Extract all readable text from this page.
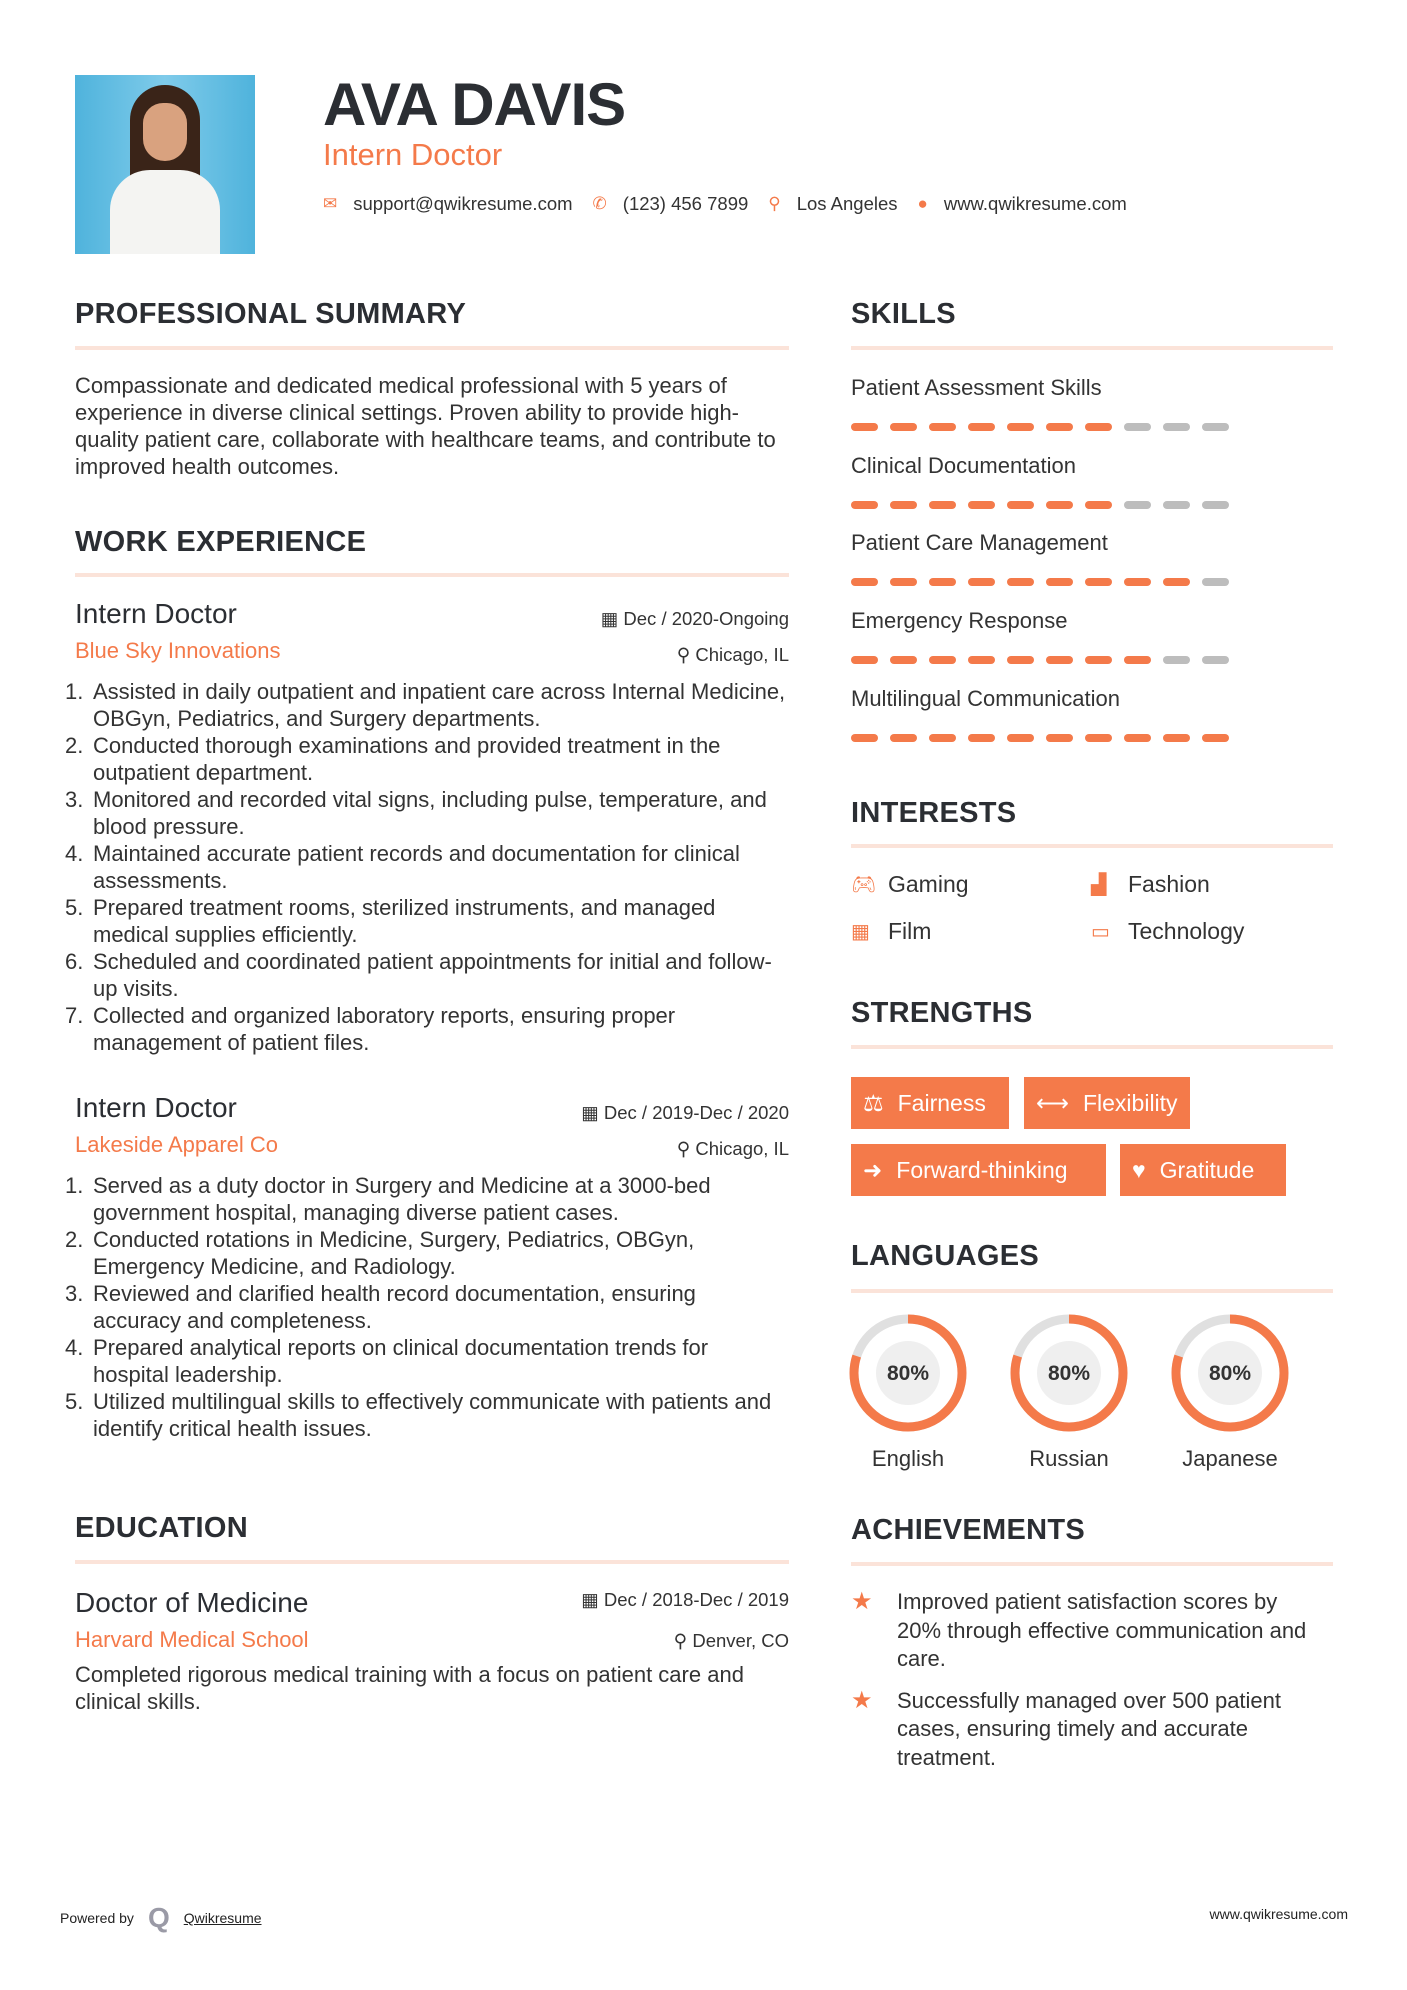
AVA DAVIS
Intern Doctor
✉ support@qwikresume.com ✆ (123) 456 7899 ⚲ Los Angeles ● www.qwikresume.com
PROFESSIONAL SUMMARY
Compassionate and dedicated medical professional with 5 years of experience in diverse clinical settings. Proven ability to provide high-quality patient care, collaborate with healthcare teams, and contribute to improved health outcomes.
WORK EXPERIENCE
Intern Doctor
Blue Sky Innovations
▦ Dec / 2020-Ongoing
⚲ Chicago, IL
1. Assisted in daily outpatient and inpatient care across Internal Medicine, OBGyn, Pediatrics, and Surgery departments.
2. Conducted thorough examinations and provided treatment in the outpatient department.
3. Monitored and recorded vital signs, including pulse, temperature, and blood pressure.
4. Maintained accurate patient records and documentation for clinical assessments.
5. Prepared treatment rooms, sterilized instruments, and managed medical supplies efficiently.
6. Scheduled and coordinated patient appointments for initial and follow-up visits.
7. Collected and organized laboratory reports, ensuring proper management of patient files.
Intern Doctor
Lakeside Apparel Co
▦ Dec / 2019-Dec / 2020
⚲ Chicago, IL
1. Served as a duty doctor in Surgery and Medicine at a 3000-bed government hospital, managing diverse patient cases.
2. Conducted rotations in Medicine, Surgery, Pediatrics, OBGyn, Emergency Medicine, and Radiology.
3. Reviewed and clarified health record documentation, ensuring accuracy and completeness.
4. Prepared analytical reports on clinical documentation trends for hospital leadership.
5. Utilized multilingual skills to effectively communicate with patients and identify critical health issues.
EDUCATION
Doctor of Medicine
Harvard Medical School
▦ Dec / 2018-Dec / 2019
⚲ Denver, CO
Completed rigorous medical training with a focus on patient care and clinical skills.
SKILLS
Patient Assessment Skills
Clinical Documentation
Patient Care Management
Emergency Response
Multilingual Communication
INTERESTS
🎮︎ Gaming	▟ Fashion
▦ Film	▭ Technology
STRENGTHS
⚖ Fairness ⟷ Flexibility
➜ Forward-thinking	♥ Gratitude
LANGUAGES
80%
English
80%
Russian
80%
Japanese
ACHIEVEMENTS
★	Improved patient satisfaction scores by 20% through effective communication and care.
★	Successfully managed over 500 patient cases, ensuring timely and accurate treatment.
Powered by Q Qwikresume	www.qwikresume.com
